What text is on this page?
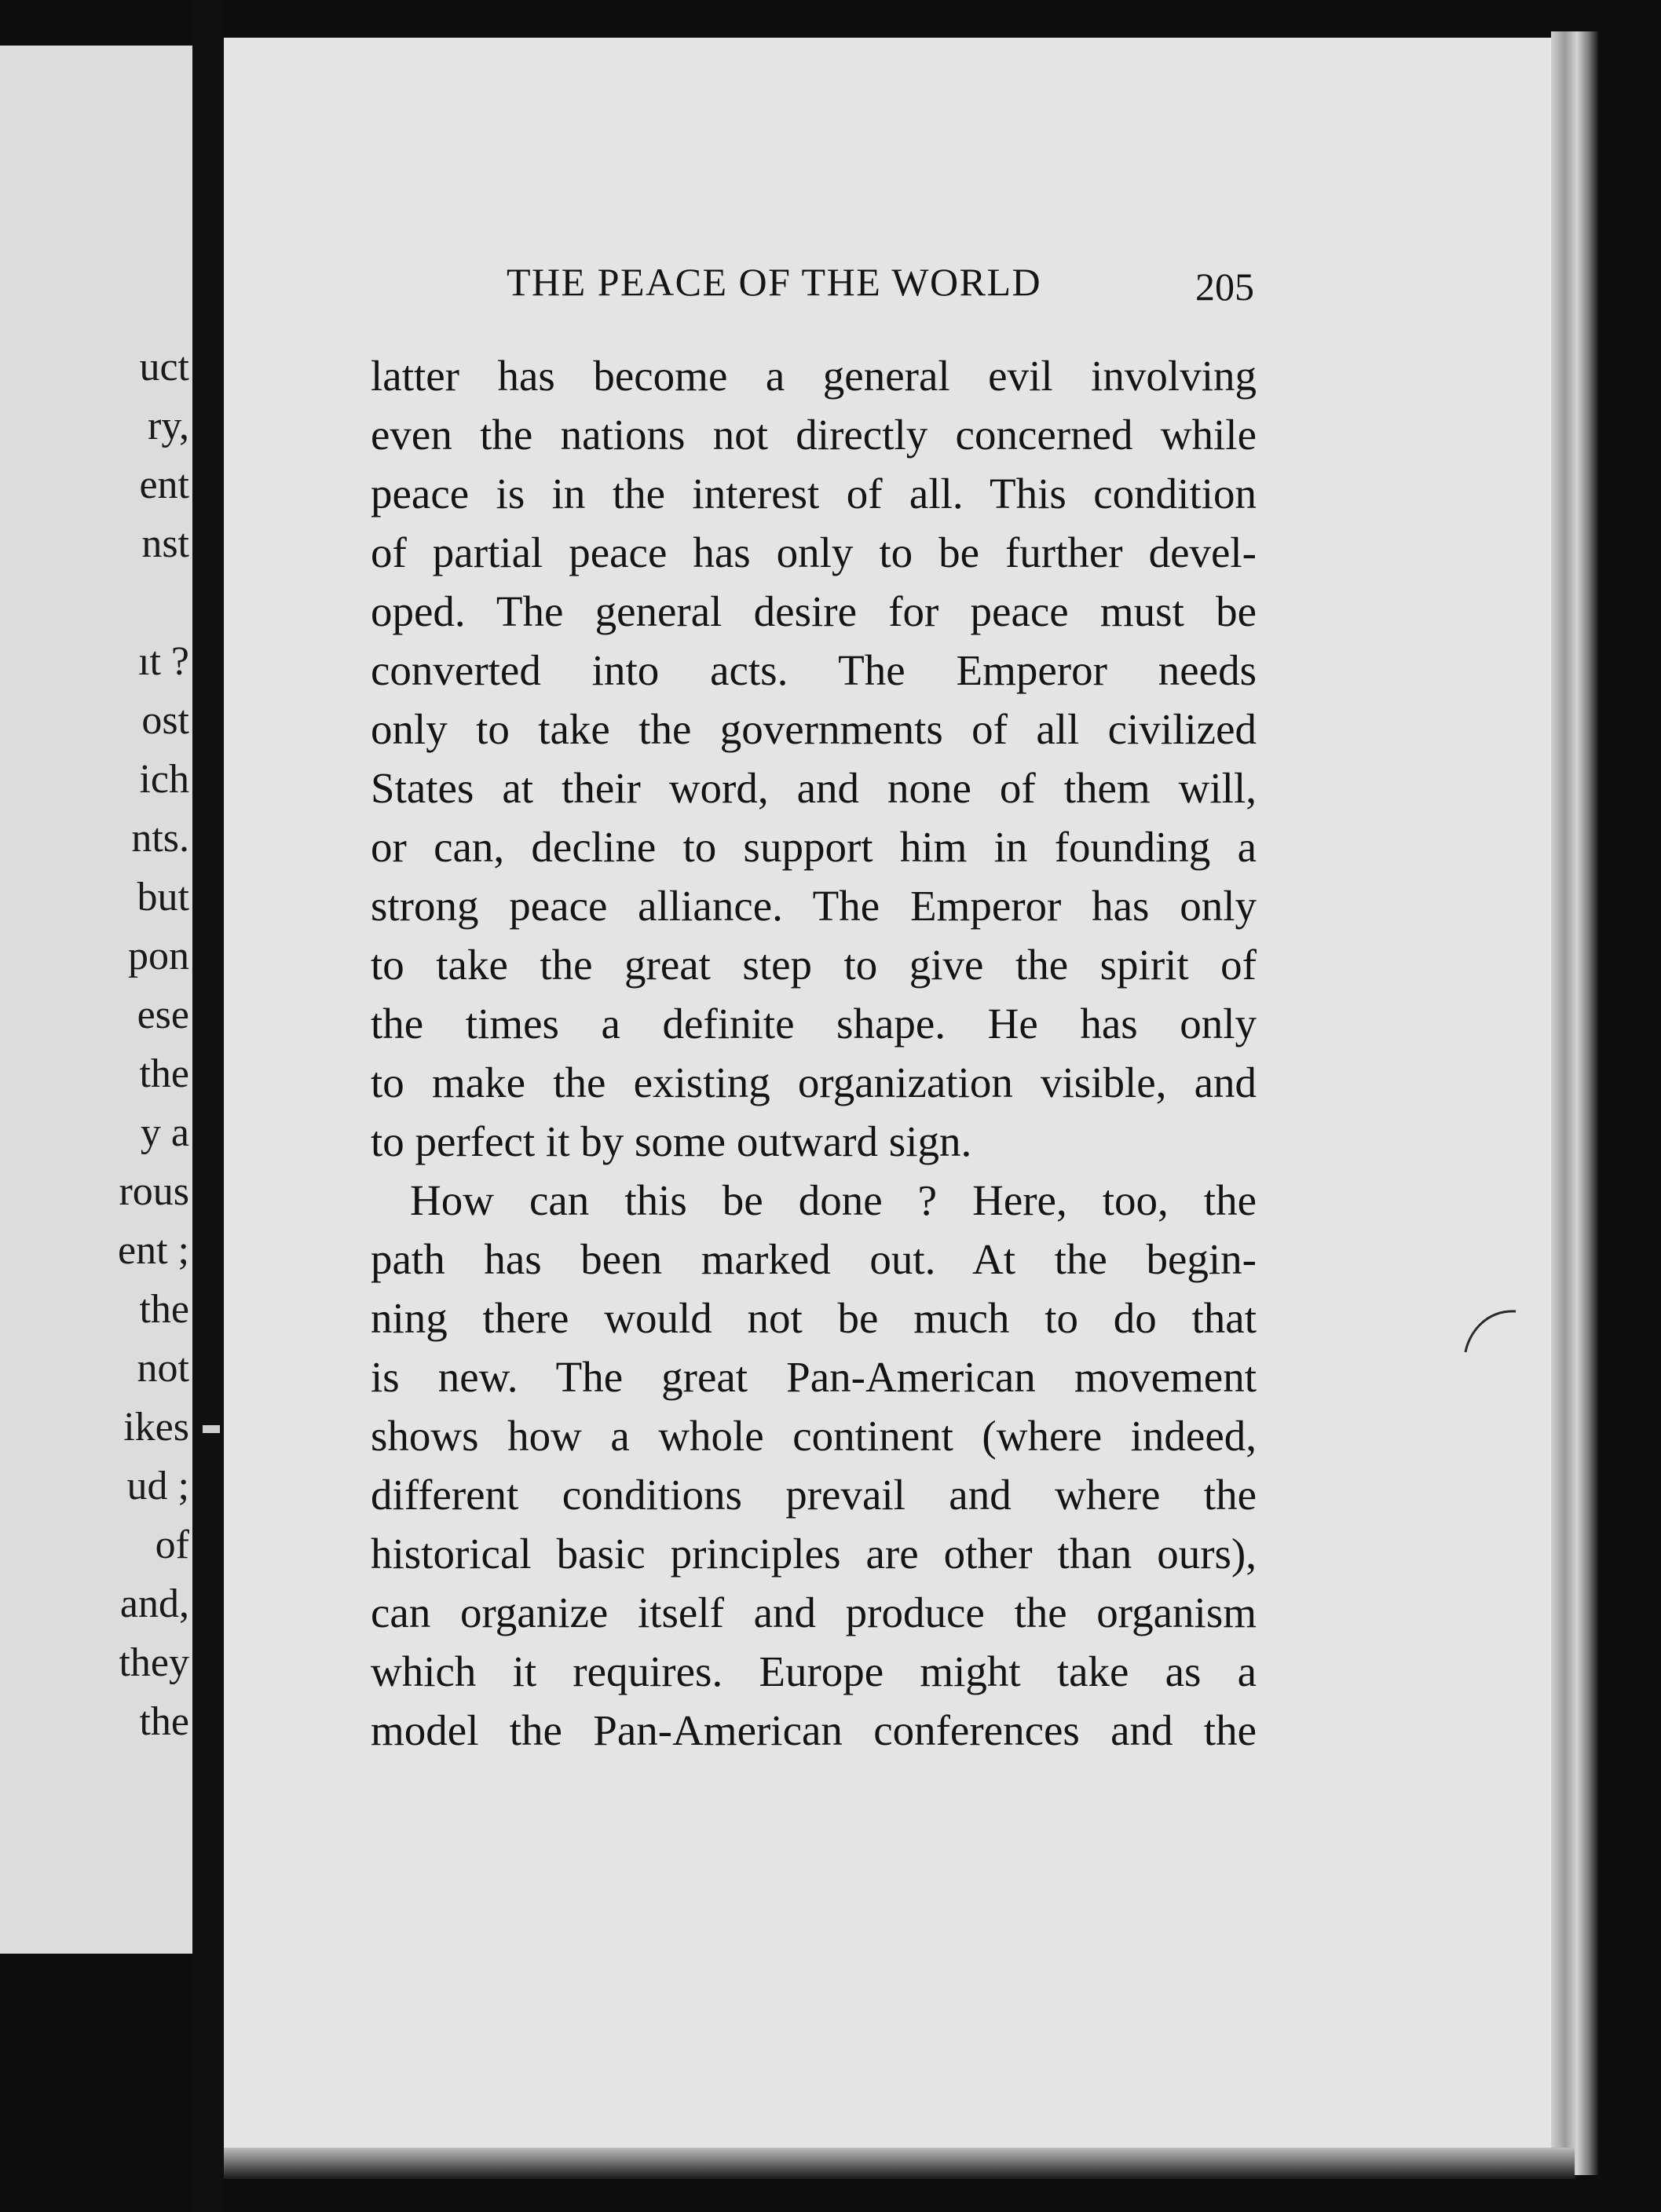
uct
ry,
ent
nst
ıt ?
ost
ich
nts.
but
pon
ese
the
y a
rous
ent ;
the
not
ikes
ud ;
of
and,
they
the
THE PEACE OF THE WORLD	205
latter has become a general evil involving
even the nations not directly concerned while
peace is in the interest of all. This condition
of partial peace has only to be further devel-
oped. The general desire for peace must be
converted into acts. The Emperor needs
only to take the governments of all civilized
States at their word, and none of them will,
or can, decline to support him in founding a
strong peace alliance. The Emperor has only
to take the great step to give the spirit of
the times a definite shape. He has only
to make the existing organization visible, and
to perfect it by some outward sign.
How can this be done ? Here, too, the
path has been marked out. At the begin-
ning there would not be much to do that
is new. The great Pan-American movement
shows how a whole continent (where indeed,
different conditions prevail and where the
historical basic principles are other than ours),
can organize itself and produce the organism
which it requires. Europe might take as a
model the Pan-American conferences and the
